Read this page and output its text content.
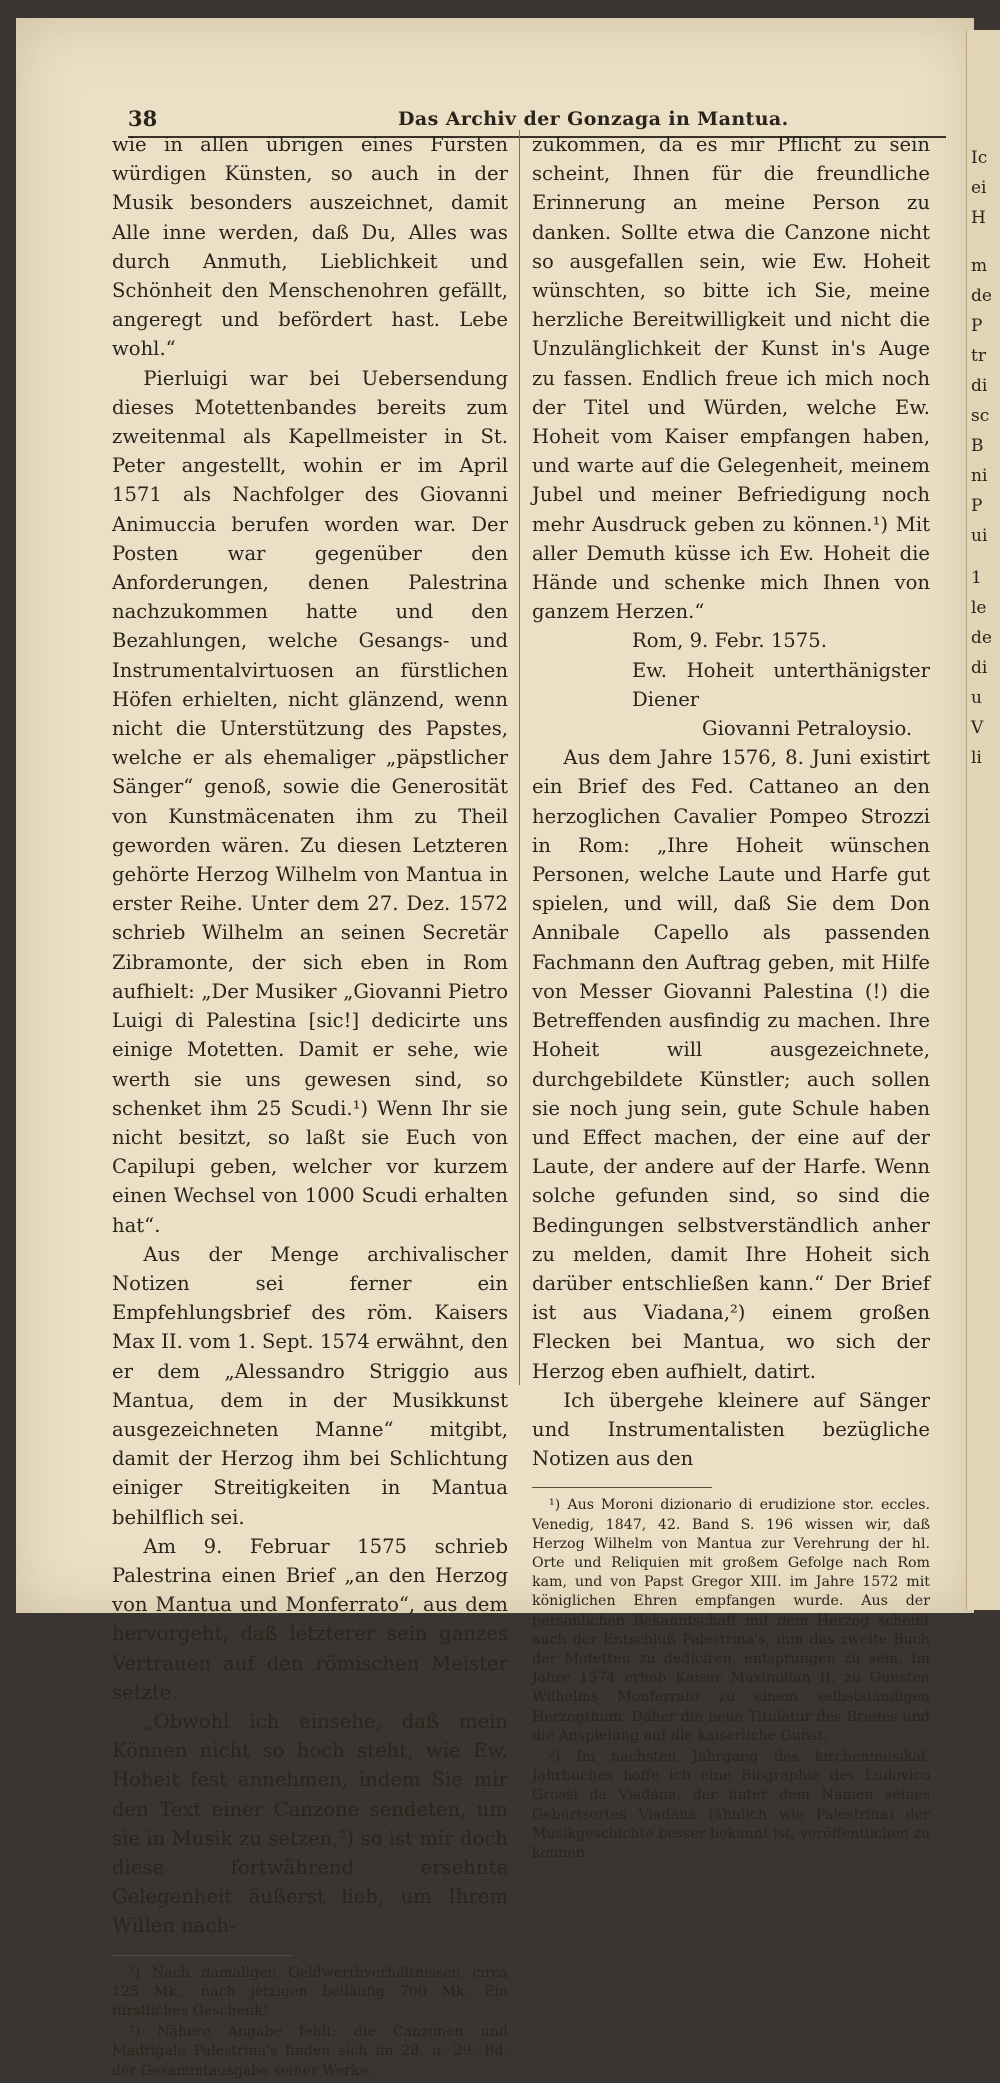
38	Das Archiv der Gonzaga in Mantua.

wie in allen übrigen eines Fürsten würdigen Künsten, so auch in der Musik besonders auszeichnet, damit Alle inne werden, daß Du, Alles was durch Anmuth, Lieblichkeit und Schönheit den Menschenohren gefällt, angeregt und befördert hast. Lebe wohl.“

Pierluigi war bei Uebersendung dieses Motettenbandes bereits zum zweitenmal als Kapellmeister in St. Peter angestellt, wohin er im April 1571 als Nachfolger des Giovanni Animuccia berufen worden war. Der Posten war gegenüber den Anforderungen, denen Palestrina nachzukommen hatte und den Bezahlungen, welche Gesangs- und Instrumentalvirtuosen an fürstlichen Höfen erhielten, nicht glänzend, wenn nicht die Unterstützung des Papstes, welche er als ehemaliger „päpstlicher Sänger“ genoß, sowie die Generosität von Kunstmäcenaten ihm zu Theil geworden wären. Zu diesen Letzteren gehörte Herzog Wilhelm von Mantua in erster Reihe. Unter dem 27. Dez. 1572 schrieb Wilhelm an seinen Secretär Zibramonte, der sich eben in Rom aufhielt: „Der Musiker „Giovanni Pietro Luigi di Palestina [sic!] dedicirte uns einige Motetten. Damit er sehe, wie werth sie uns gewesen sind, so schenket ihm 25 Scudi.¹) Wenn Ihr sie nicht besitzt, so laßt sie Euch von Capilupi geben, welcher vor kurzem einen Wechsel von 1000 Scudi erhalten hat“.

Aus der Menge archivalischer Notizen sei ferner ein Empfehlungsbrief des röm. Kaisers Max II. vom 1. Sept. 1574 erwähnt, den er dem „Alessandro Striggio aus Mantua, dem in der Musikkunst ausgezeichneten Manne“ mitgibt, damit der Herzog ihm bei Schlichtung einiger Streitigkeiten in Mantua behilflich sei.

Am 9. Februar 1575 schrieb Palestrina einen Brief „an den Herzog von Mantua und Monferrato“, aus dem hervorgeht, daß letzterer sein ganzes Vertrauen auf den römischen Meister setzte.

„Obwohl ich einsehe, daß mein Können nicht so hoch steht, wie Ew. Hoheit fest annehmen, indem Sie mir den Text einer Canzone sendeten, um sie in Musik zu setzen,²) so ist mir doch diese fortwährend ersehnte Gelegenheit äußerst lieb, um Ihrem Willen nach-

¹) Nach damaligen Geldwerthverhältnissen circa 125 Mk.; nach jetzigen beiläufig 700 Mk. Ein fürstliches Geschenk!

²) Nähere Angabe fehlt; die Canzonen und Madrigale Palestrina's finden sich im 28. u. 29. Bd. der Gesammtausgabe seiner Werke.

zukommen, da es mir Pflicht zu sein scheint, Ihnen für die freundliche Erinnerung an meine Person zu danken. Sollte etwa die Canzone nicht so ausgefallen sein, wie Ew. Hoheit wünschten, so bitte ich Sie, meine herzliche Bereitwilligkeit und nicht die Unzulänglichkeit der Kunst in's Auge zu fassen. Endlich freue ich mich noch der Titel und Würden, welche Ew. Hoheit vom Kaiser empfangen haben, und warte auf die Gelegenheit, meinem Jubel und meiner Befriedigung noch mehr Ausdruck geben zu können.¹) Mit aller Demuth küsse ich Ew. Hoheit die Hände und schenke mich Ihnen von ganzem Herzen.“

Rom, 9. Febr. 1575.

Ew. Hoheit unterthänigster Diener

Giovanni Petraloysio.

Aus dem Jahre 1576, 8. Juni existirt ein Brief des Fed. Cattaneo an den herzoglichen Cavalier Pompeo Strozzi in Rom: „Ihre Hoheit wünschen Personen, welche Laute und Harfe gut spielen, und will, daß Sie dem Don Annibale Capello als passenden Fachmann den Auftrag geben, mit Hilfe von Messer Giovanni Palestina (!) die Betreffenden ausfindig zu machen. Ihre Hoheit will ausgezeichnete, durchgebildete Künstler; auch sollen sie noch jung sein, gute Schule haben und Effect machen, der eine auf der Laute, der andere auf der Harfe. Wenn solche gefunden sind, so sind die Bedingungen selbstverständlich anher zu melden, damit Ihre Hoheit sich darüber entschließen kann.“ Der Brief ist aus Viadana,²) einem großen Flecken bei Mantua, wo sich der Herzog eben aufhielt, datirt.

Ich übergehe kleinere auf Sänger und Instrumentalisten bezügliche Notizen aus den

¹) Aus Moroni dizionario di erudizione stor. eccles. Venedig, 1847, 42. Band S. 196 wissen wir, daß Herzog Wilhelm von Mantua zur Verehrung der hl. Orte und Reliquien mit großem Gefolge nach Rom kam, und von Papst Gregor XIII. im Jahre 1572 mit königlichen Ehren empfangen wurde. Aus der persönlichen Bekanntschaft mit dem Herzog scheint auch der Entschluß Palestrina's, ihm das zweite Buch der Motetten zu dediciren, entsprungen zu sein. Im Jahre 1574 erhob Kaiser Maximilian II. zu Gunsten Wilhelms Monferrato zu einem selbstständigen Herzogthum. Daher die neue Titulatur des Briefes und die Anspielung auf die kaiserliche Gunst.

²) Im nächsten Jahrgang des kirchenmusikal. Jahrbuches hoffe ich eine Biographie des Ludovico Grossi da Viadana, der unter dem Namen seines Geburtsortes Viadana (ähnlich wie Palestrina) der Musikgeschichte besser bekannt ist, veröffentlichen zu können.

Ic
ei
H
m
de
P
tr
di
sc
B
ni
P
ui
1
le
de
di
u
V
li
